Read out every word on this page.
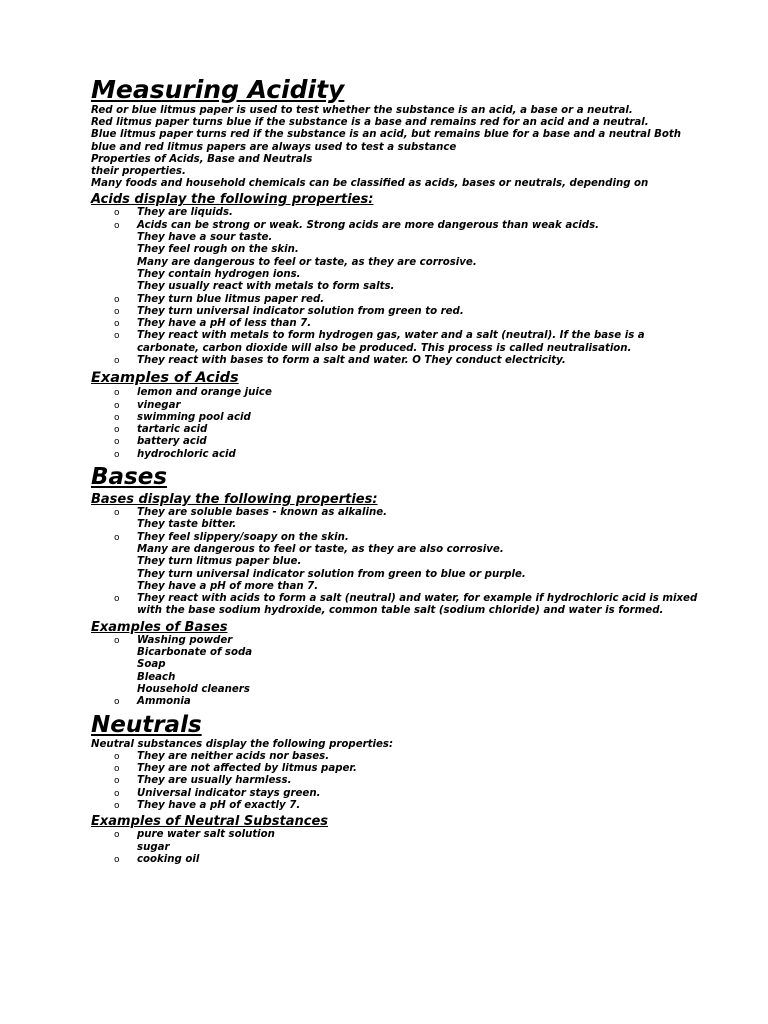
Measuring Acidity

Red or blue litmus paper is used to test whether the substance is an acid, a base or a neutral.

Red litmus paper turns blue if the substance is a base and remains red for an acid and a neutral.

Blue litmus paper turns red if the substance is an acid, but remains blue for a base and a neutral Both blue and red litmus papers are always used to test a substance

Properties of Acids, Base and Neutrals

their properties.

Many foods and household chemicals can be classified as acids, bases or neutrals, depending on

Acids display the following properties:
o They are liquids.
o Acids can be strong or weak. Strong acids are more dangerous than weak acids.
They have a sour taste.
They feel rough on the skin.
Many are dangerous to feel or taste, as they are corrosive.
They contain hydrogen ions.
They usually react with metals to form salts.
o They turn blue litmus paper red.
o They turn universal indicator solution from green to red.
o They have a pH of less than 7.
o They react with metals to form hydrogen gas, water and a salt (neutral). If the base is a carbonate, carbon dioxide will also be produced. This process is called neutralisation.
o They react with bases to form a salt and water. O They conduct electricity.
Examples of Acids
o lemon and orange juice
o vinegar
o swimming pool acid
o tartaric acid
o battery acid
o hydrochloric acid
Bases
Bases display the following properties:
o They are soluble bases - known as alkaline.
They taste bitter.
o They feel slippery/soapy on the skin.
Many are dangerous to feel or taste, as they are also corrosive.
They turn litmus paper blue.
They turn universal indicator solution from green to blue or purple.
They have a pH of more than 7.
o They react with acids to form a salt (neutral) and water, for example if hydrochloric acid is mixed with the base sodium hydroxide, common table salt (sodium chloride) and water is formed.
Examples of Bases
o Washing powder
Bicarbonate of soda
Soap
Bleach
Household cleaners
o Ammonia
Neutrals

Neutral substances display the following properties:

o They are neither acids nor bases.
o They are not affected by litmus paper.
o They are usually harmless.
o Universal indicator stays green.
o They have a pH of exactly 7.
Examples of Neutral Substances
o pure water salt solution
sugar
o cooking oil
